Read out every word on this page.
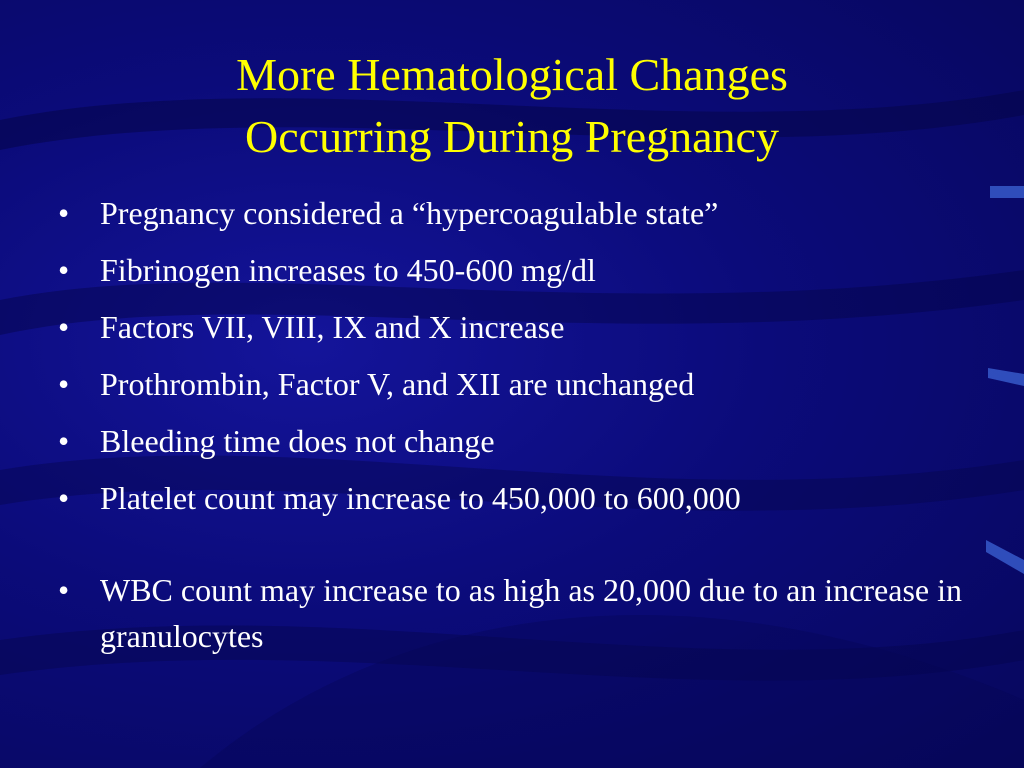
More Hematological Changes
Occurring During Pregnancy
• Pregnancy considered a “hypercoagulable state”
• Fibrinogen increases to 450-600 mg/dl
• Factors VII, VIII, IX and X increase
• Prothrombin, Factor V, and XII are unchanged
• Bleeding time does not change
• Platelet count may increase to 450,000 to 600,000
• WBC count may increase to as high as 20,000 due to an increase in granulocytes
